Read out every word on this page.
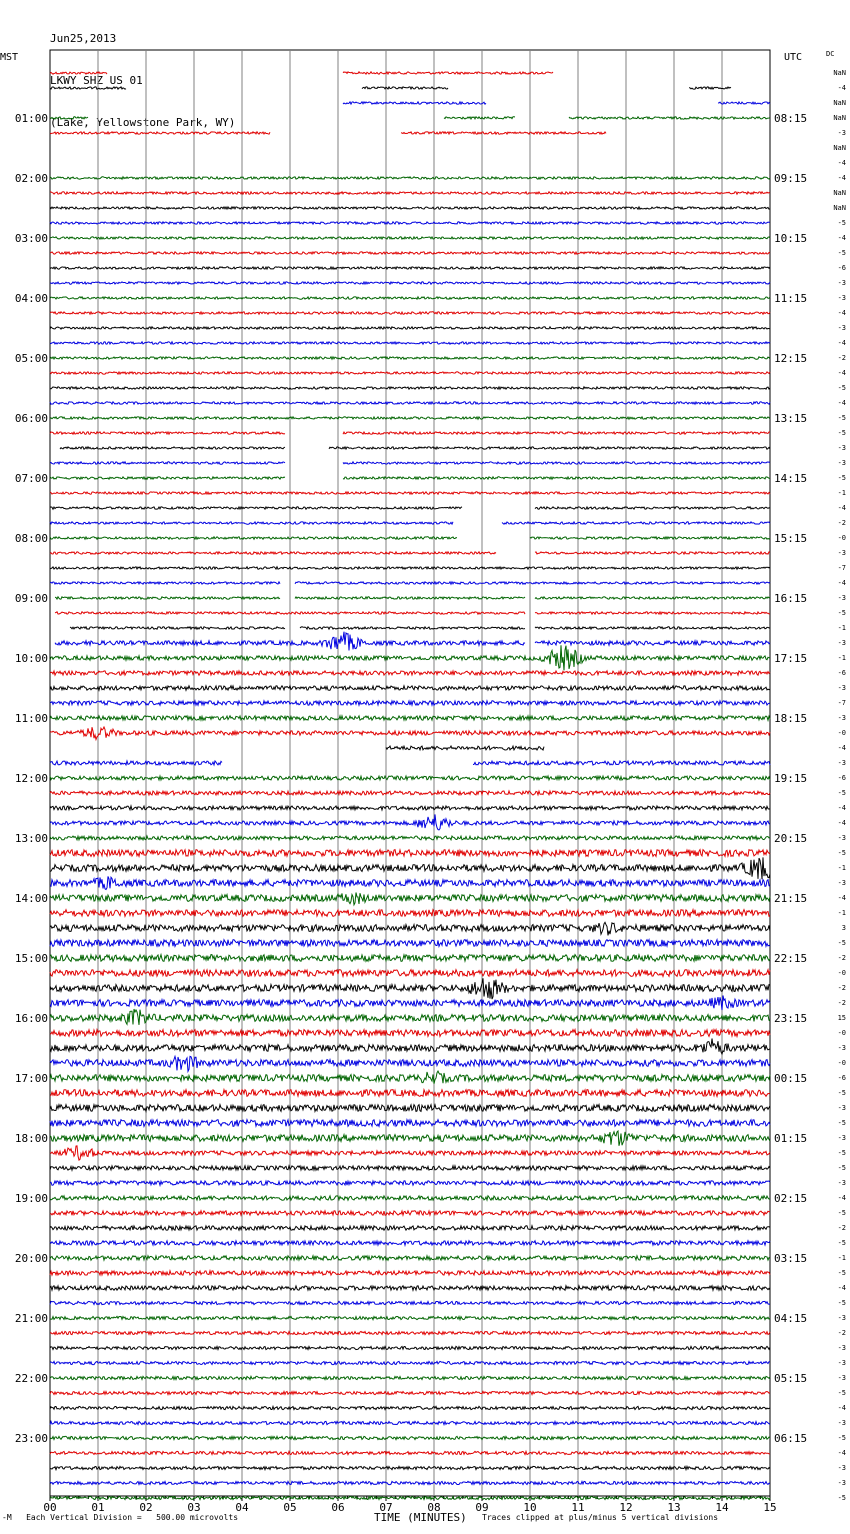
Jun25,2013

LKWY SHZ US 01

(Lake, Yellowstone Park, WY)

00	01	02	03	04	05	06	07	08	09	10	11	12	13	14	15
01:00	08:15
02:00	09:15
03:00	10:15
04:00	11:15
05:00	12:15
06:00	13:15
07:00	14:15
08:00	15:15
09:00	16:15
10:00	17:15
11:00	18:15
12:00	19:15
13:00	20:15
14:00	21:15
15:00	22:15
16:00	23:15
17:00	00:15
18:00	01:15
19:00	02:15
20:00	03:15
21:00	04:15
22:00	05:15
23:00	06:15
NaN
-4
NaN
NaN
-3
NaN
-4
-4
NaN
NaN
-5
-4
-5
-6
-3
-3
-4
-3
-4
-2
-4
-5
-4
-5
-5
-3
-3
-5
-1
-4
-2
-0
-3
-7
-4
-3
-5
-1
-3
-1
-6
-3
-7
-3
-0
-4
-3
-6
-5
-4
-4
-3
-5
-1
-3
-4
-1
3
-5
-2
-0
-2
-2
15
-0
-3
-0
-6
-5
-3
-5
-3
-5
-5
-3
-4
-5
-2
-5
-1
-5
-4
-5
-3
-2
-3
-3
-3
-5
-4
-3
-5
-4
-3
-3
-5
MST	UTC	DC
-M Each Vertical Division =   500.00 microvolts	TIME (MINUTES) Traces clipped at plus/minus 5 vertical divisions
